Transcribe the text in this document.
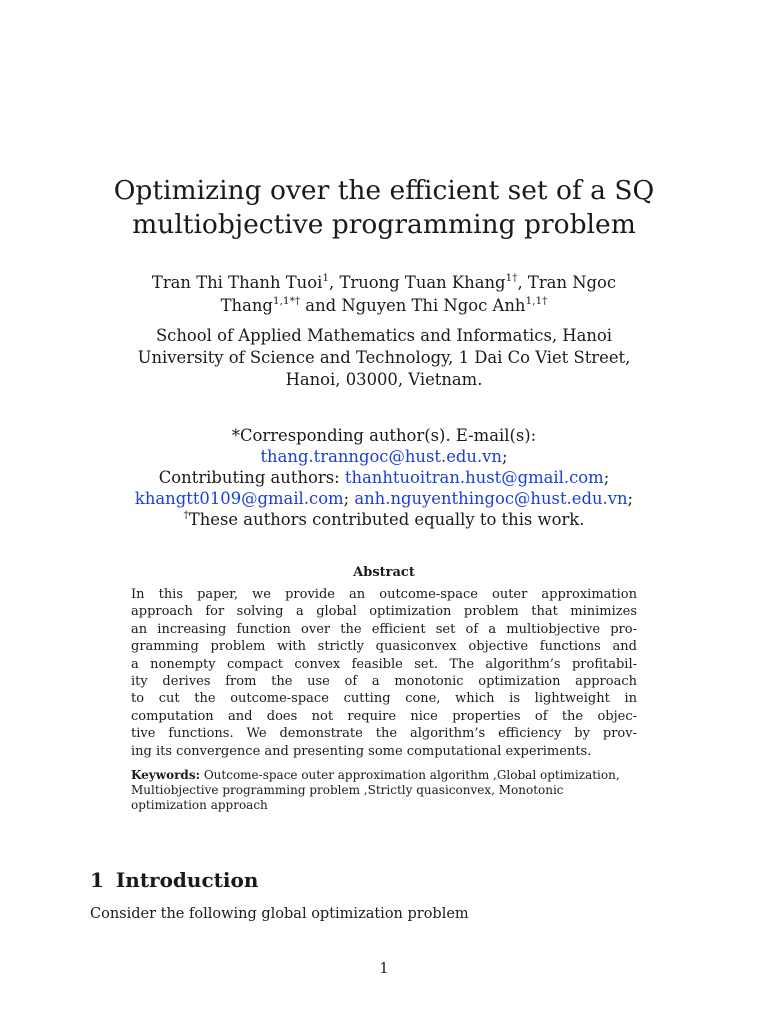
Optimizing over the efficient set of a SQ
multiobjective programming problem
Tran Thi Thanh Tuoi$^1$, Truong Tuan Khang$^{1\dagger}$, Tran Ngoc
Thang$^{1,1*\dagger}$ and Nguyen Thi Ngoc Anh$^{1,1\dagger}$
School of Applied Mathematics and Informatics, Hanoi
University of Science and Technology, 1 Dai Co Viet Street,
Hanoi, 03000, Vietnam.
*Corresponding author(s). E-mail(s):
thang.tranngoc@hust.edu.vn;
Contributing authors: thanhtuoitran.hust@gmail.com;
khangtt0109@gmail.com; anh.nguyenthingoc@hust.edu.vn;
†These authors contributed equally to this work.
Abstract
In this paper, we provide an outcome-space outer approximation
approach for solving a global optimization problem that minimizes
an increasing function over the efficient set of a multiobjective pro-
gramming problem with strictly quasiconvex objective functions and
a nonempty compact convex feasible set. The algorithm’s profitabil-
ity derives from the use of a monotonic optimization approach
to cut the outcome-space cutting cone, which is lightweight in
computation and does not require nice properties of the objec-
tive functions. We demonstrate the algorithm’s efficiency by prov-
ing its convergence and presenting some computational experiments.
Keywords: Outcome-space outer approximation algorithm ,Global optimization, Multiobjective programming problem ,Strictly quasiconvex, Monotonic optimization approach
1 Introduction
Consider the following global optimization problem
1
